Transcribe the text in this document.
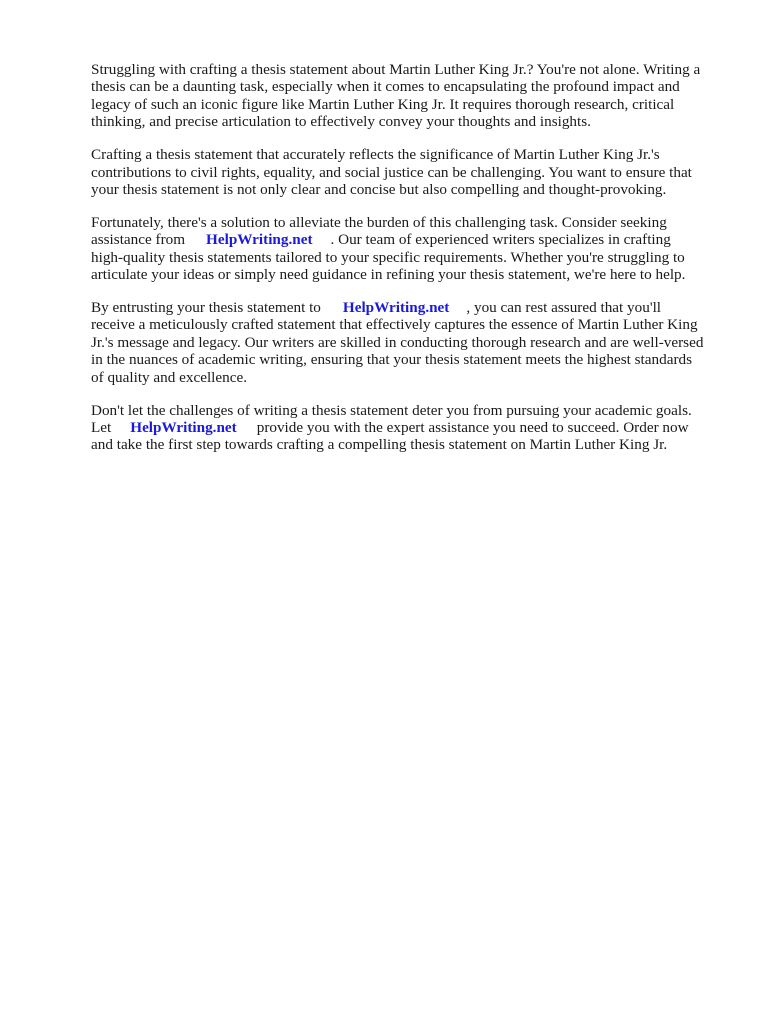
Struggling with crafting a thesis statement about Martin Luther King Jr.? You're not alone. Writing a
thesis can be a daunting task, especially when it comes to encapsulating the profound impact and
legacy of such an iconic figure like Martin Luther King Jr. It requires thorough research, critical
thinking, and precise articulation to effectively convey your thoughts and insights.

Crafting a thesis statement that accurately reflects the significance of Martin Luther King Jr.'s
contributions to civil rights, equality, and social justice can be challenging. You want to ensure that
your thesis statement is not only clear and concise but also compelling and thought-provoking.

Fortunately, there's a solution to alleviate the burden of this challenging task. Consider seeking
assistance from HelpWriting.net . Our team of experienced writers specializes in crafting
high-quality thesis statements tailored to your specific requirements. Whether you're struggling to
articulate your ideas or simply need guidance in refining your thesis statement, we're here to help.

By entrusting your thesis statement to HelpWriting.net , you can rest assured that you'll
receive a meticulously crafted statement that effectively captures the essence of Martin Luther King
Jr.'s message and legacy. Our writers are skilled in conducting thorough research and are well-versed
in the nuances of academic writing, ensuring that your thesis statement meets the highest standards
of quality and excellence.

Don't let the challenges of writing a thesis statement deter you from pursuing your academic goals.
Let HelpWriting.net provide you with the expert assistance you need to succeed. Order now
and take the first step towards crafting a compelling thesis statement on Martin Luther King Jr.
